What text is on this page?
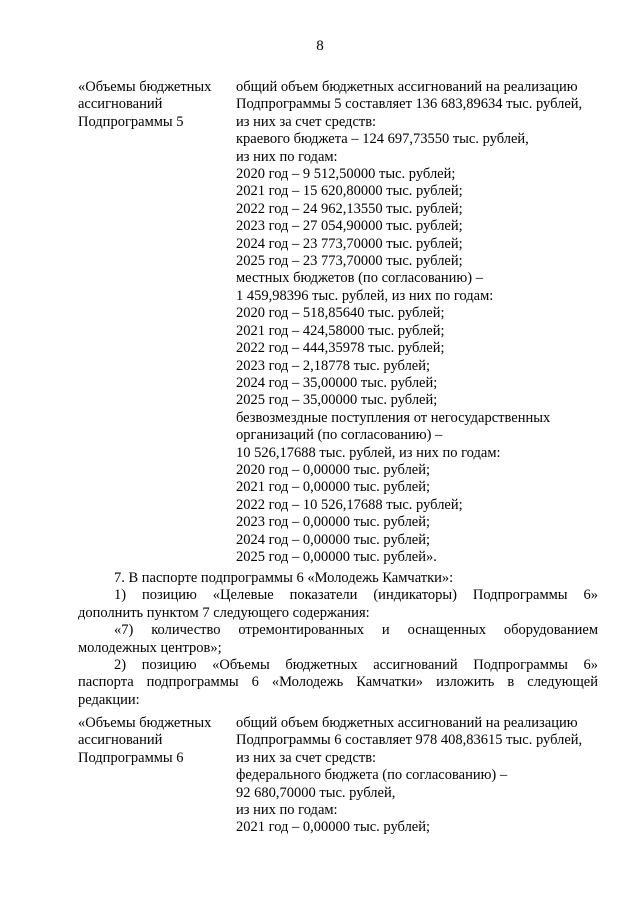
8
«Объемы бюджетных
ассигнований
Подпрограммы 5
общий объем бюджетных ассигнований на реализацию
Подпрограммы 5 составляет 136 683,89634 тыс. рублей,
из них за счет средств:
краевого бюджета – 124 697,73550 тыс. рублей,
из них по годам:
2020 год – 9 512,50000 тыс. рублей;
2021 год – 15 620,80000 тыс. рублей;
2022 год – 24 962,13550 тыс. рублей;
2023 год – 27 054,90000 тыс. рублей;
2024 год – 23 773,70000 тыс. рублей;
2025 год – 23 773,70000 тыс. рублей;
местных бюджетов (по согласованию) –
1 459,98396 тыс. рублей, из них по годам:
2020 год – 518,85640 тыс. рублей;
2021 год – 424,58000 тыс. рублей;
2022 год – 444,35978 тыс. рублей;
2023 год – 2,18778 тыс. рублей;
2024 год – 35,00000 тыс. рублей;
2025 год – 35,00000 тыс. рублей;
безвозмездные поступления от негосударственных
организаций (по согласованию) –
10 526,17688 тыс. рублей, из них по годам:
2020 год – 0,00000 тыс. рублей;
2021 год – 0,00000 тыс. рублей;
2022 год – 10 526,17688 тыс. рублей;
2023 год – 0,00000 тыс. рублей;
2024 год – 0,00000 тыс. рублей;
2025 год – 0,00000 тыс. рублей».
7. В паспорте подпрограммы 6 «Молодежь Камчатки»:
1) позицию «Целевые показатели (индикаторы) Подпрограммы 6»
дополнить пунктом 7 следующего содержания:
«7) количество отремонтированных и оснащенных оборудованием
молодежных центров»;
2) позицию «Объемы бюджетных ассигнований Подпрограммы 6»
паспорта подпрограммы 6 «Молодежь Камчатки» изложить в следующей
редакции:
«Объемы бюджетных
ассигнований
Подпрограммы 6
общий объем бюджетных ассигнований на реализацию
Подпрограммы 6 составляет 978 408,83615 тыс. рублей,
из них за счет средств:
федерального бюджета (по согласованию) –
92 680,70000 тыс. рублей,
из них по годам:
2021 год – 0,00000 тыс. рублей;
